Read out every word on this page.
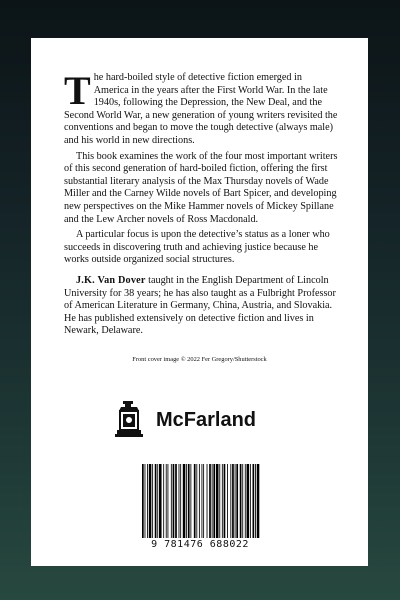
The hard-boiled style of detective fiction emerged in America in the years after the First World War. In the late 1940s, following the Depression, the New Deal, and the Second World War, a new generation of young writers revisited the conventions and began to move the tough detective (always male) and his world in new directions.

This book examines the work of the four most important writers of this second generation of hard-boiled fiction, offering the first substantial literary analysis of the Max Thursday novels of Wade Miller and the Carney Wilde novels of Bart Spicer, and developing new perspectives on the Mike Hammer novels of Mickey Spillane and the Lew Archer novels of Ross Macdonald.

A particular focus is upon the detective’s status as a loner who succeeds in discovering truth and achieving justice because he works outside organized social structures.

J.K. Van Dover taught in the English Department of Lincoln University for 38 years; he has also taught as a Fulbright Professor of American Literature in Germany, China, Austria, and Slovakia. He has published extensively on detective fiction and lives in Newark, Delaware.

Front cover image © 2022 Fer Gregory/Shutterstock
McFarland
9 781476 688022
